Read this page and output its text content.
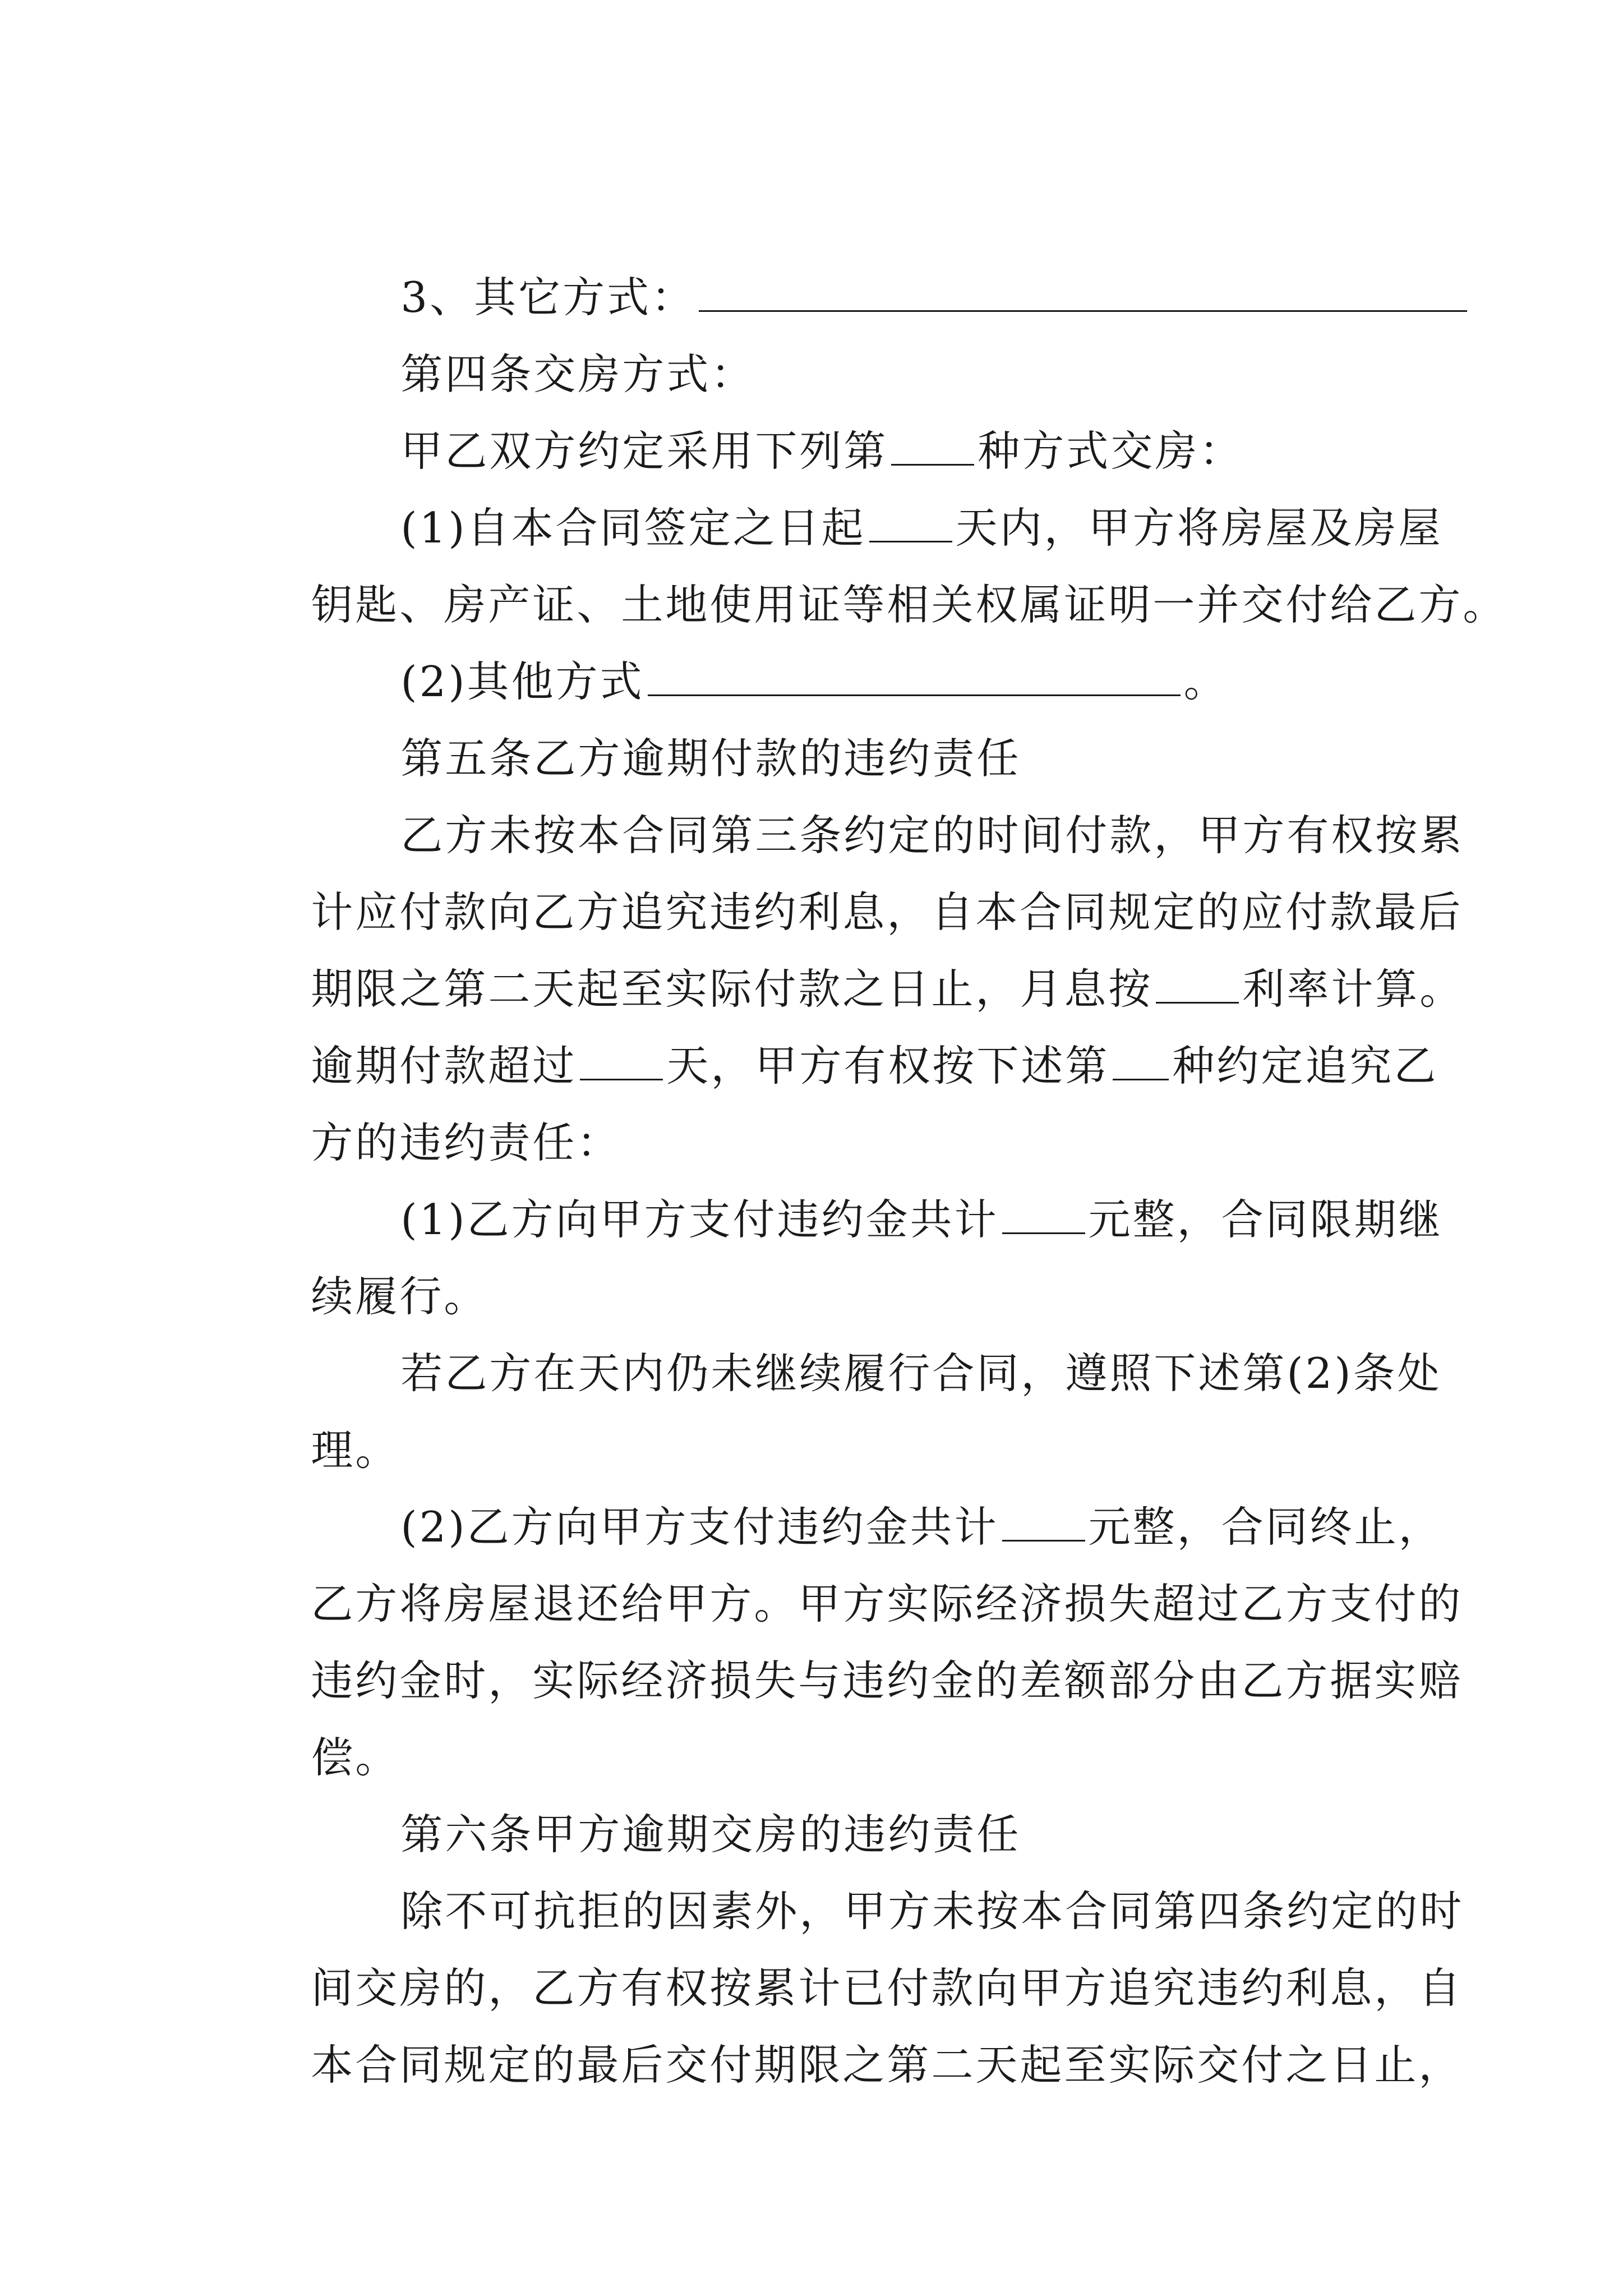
3、其它方式：

第四条交房方式：

甲乙双方约定采用下列第 种方式交房：

(1)自本合同签定之日起 天内，甲方将房屋及房屋

钥匙、房产证、土地使用证等相关权属证明一并交付给乙方。

(2)其他方式	。

第五条乙方逾期付款的违约责任

乙方未按本合同第三条约定的时间付款，甲方有权按累

计应付款向乙方追究违约利息，自本合同规定的应付款最后

期限之第二天起至实际付款之日止，月息按 利率计算。

逾期付款超过 天，甲方有权按下述第 种约定追究乙

方的违约责任：

(1)乙方向甲方支付违约金共计 元整，合同限期继

续履行。

若乙方在天内仍未继续履行合同，遵照下述第(2)条处

理。

(2)乙方向甲方支付违约金共计 元整，合同终止，

乙方将房屋退还给甲方。甲方实际经济损失超过乙方支付的

违约金时，实际经济损失与违约金的差额部分由乙方据实赔

偿。

第六条甲方逾期交房的违约责任

除不可抗拒的因素外，甲方未按本合同第四条约定的时

间交房的，乙方有权按累计已付款向甲方追究违约利息，自

本合同规定的最后交付期限之第二天起至实际交付之日止，
